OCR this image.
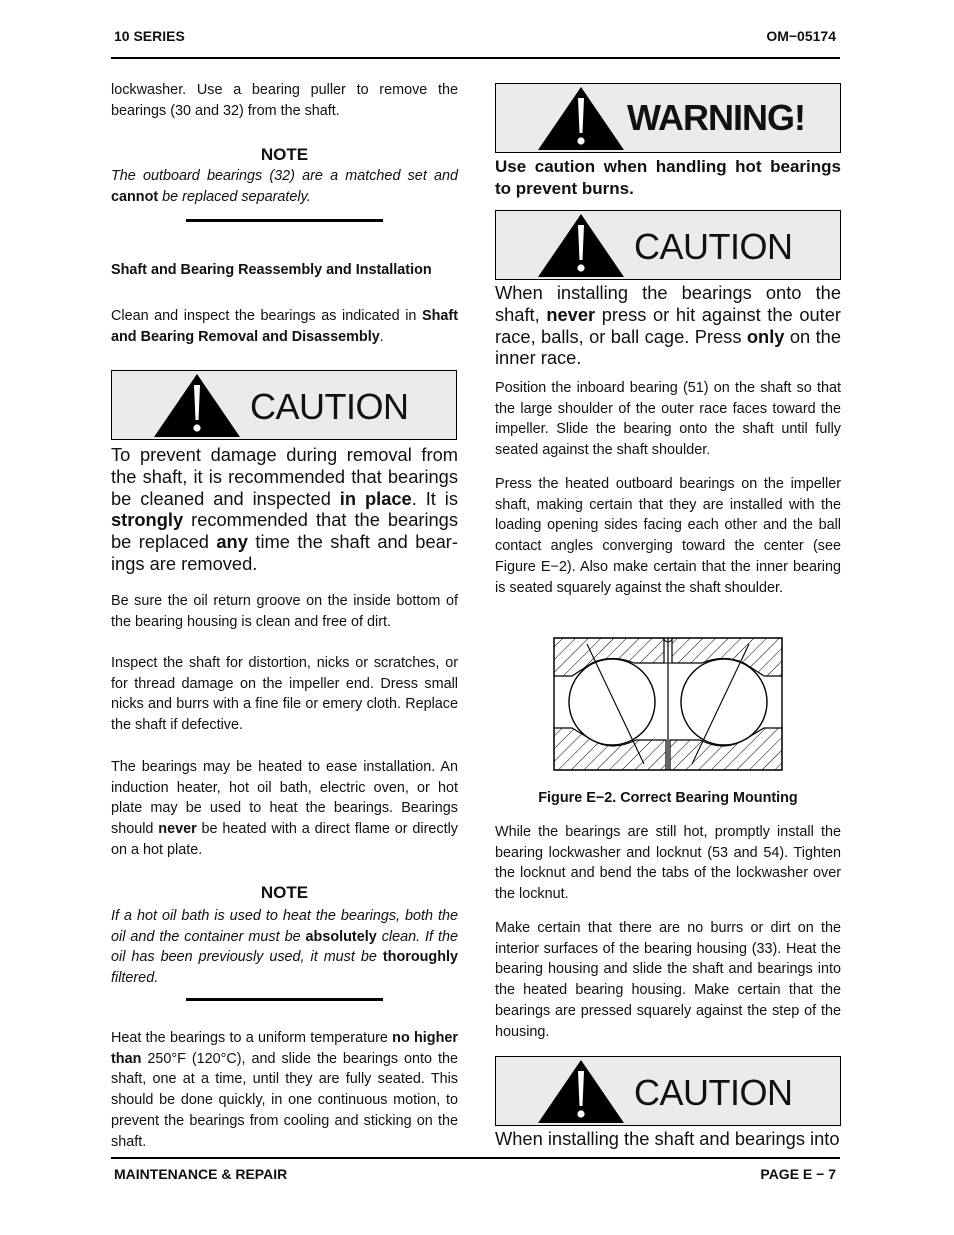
10 SERIES	OM−05174

lockwasher. Use a bearing puller to remove the bearings (30 and 32) from the shaft.

NOTE

The outboard bearings (32) are a matched set and cannot be replaced separately.

Shaft and Bearing Reassembly and Installation

Clean and inspect the bearings as indicated in Shaft and Bearing Removal and Disassembly.

CAUTION

To prevent damage during removal from the shaft, it is recommended that bearings be cleaned and inspected in place. It is strongly recommended that the bearings be replaced any time the shaft and bearings are removed.

Be sure the oil return groove on the inside bottom of the bearing housing is clean and free of dirt.

Inspect the shaft for distortion, nicks or scratches, or for thread damage on the impeller end. Dress small nicks and burrs with a fine file or emery cloth. Replace the shaft if defective.

The bearings may be heated to ease installation. An induction heater, hot oil bath, electric oven, or hot plate may be used to heat the bearings. Bearings should never be heated with a direct flame or directly on a hot plate.

NOTE

If a hot oil bath is used to heat the bearings, both the oil and the container must be absolutely clean. If the oil has been previously used, it must be thoroughly filtered.

Heat the bearings to a uniform temperature no higher than 250°F (120°C), and slide the bearings onto the shaft, one at a time, until they are fully seated. This should be done quickly, in one continuous motion, to prevent the bearings from cooling and sticking on the shaft.

WARNING!

Use caution when handling hot bearings to prevent burns.

CAUTION

When installing the bearings onto the shaft, never press or hit against the outer race, balls, or ball cage. Press only on the inner race.

Position the inboard bearing (51) on the shaft so that the large shoulder of the outer race faces toward the impeller. Slide the bearing onto the shaft until fully seated against the shaft shoulder.

Press the heated outboard bearings on the impeller shaft, making certain that they are installed with the loading opening sides facing each other and the ball contact angles converging toward the center (see Figure E−2). Also make certain that the inner bearing is seated squarely against the shaft shoulder.

Figure E−2. Correct Bearing Mounting

While the bearings are still hot, promptly install the bearing lockwasher and locknut (53 and 54). Tighten the locknut and bend the tabs of the lockwasher over the locknut.

Make certain that there are no burrs or dirt on the interior surfaces of the bearing housing (33). Heat the bearing housing and slide the shaft and bearings into the heated bearing housing. Make certain that the bearings are pressed squarely against the step of the housing.

CAUTION

When installing the shaft and bearings into

MAINTENANCE & REPAIR	PAGE E − 7
